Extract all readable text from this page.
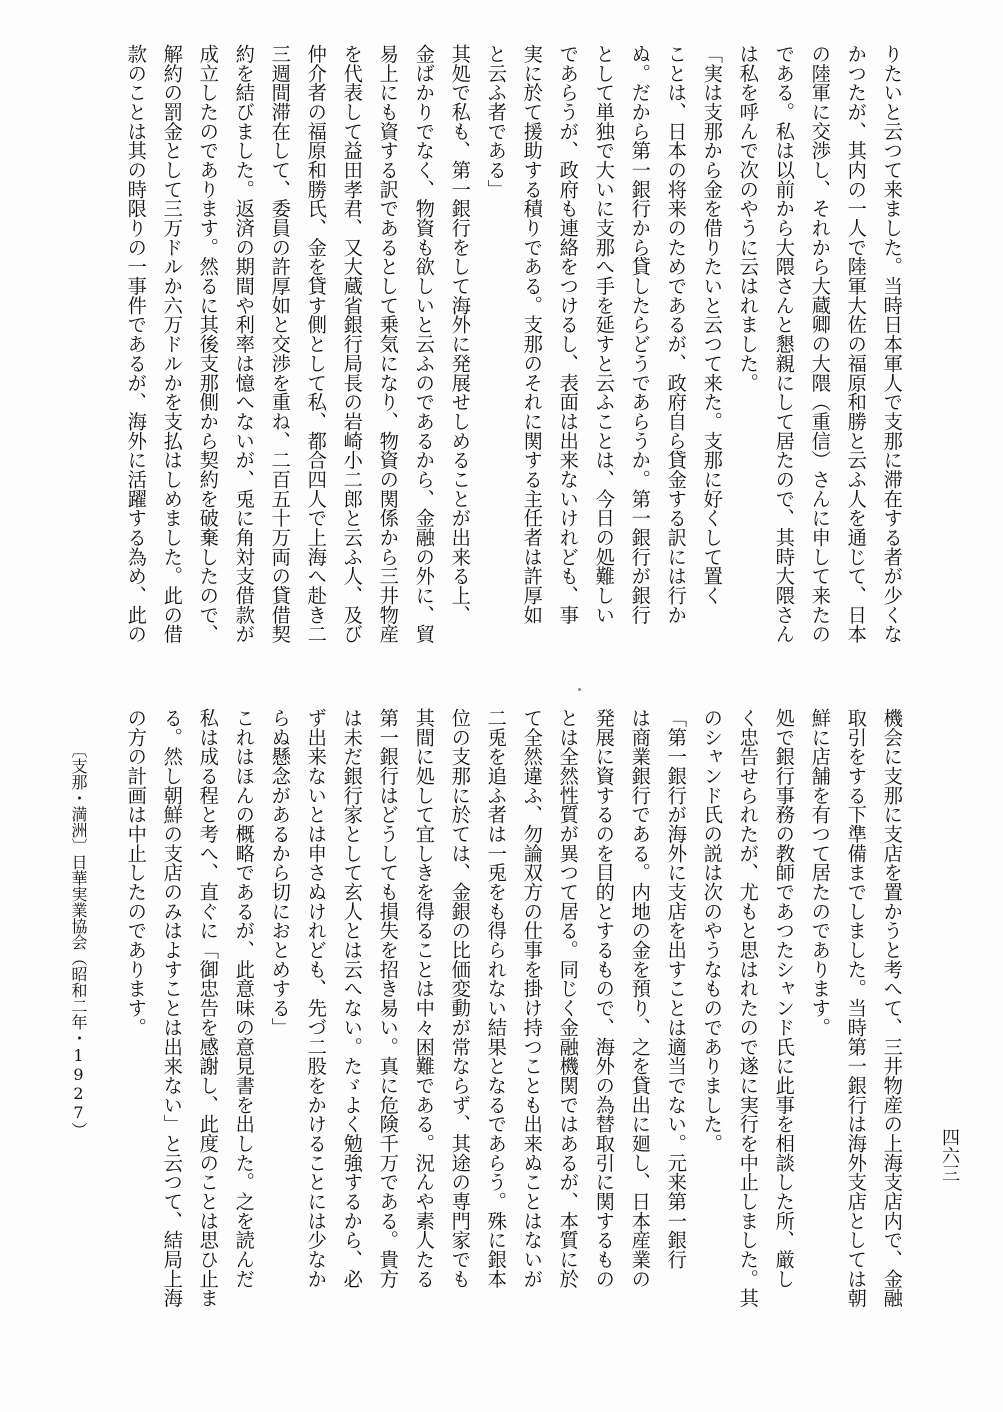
りたいと云つて来ました。当時日本軍人で支那に滞在する者が少くな
かつたが、其内の一人で陸軍大佐の福原和勝と云ふ人を通じて、日本
の陸軍に交渉し、それから大蔵卿の大隈（重信）さんに申して来たの
である。私は以前から大隈さんと懇親にして居たので、其時大隈さん
は私を呼んで次のやうに云はれました。
「実は支那から金を借りたいと云つて来た。支那に好くして置く
ことは、日本の将来のためであるが、政府自ら貸金する訳には行か
ぬ。だから第一銀行から貸したらどうであらうか。第一銀行が銀行
として単独で大いに支那へ手を延すと云ふことは、今日の処難しい
であらうが、政府も連絡をつけるし、表面は出来ないけれども、事
実に於て援助する積りである。支那のそれに関する主任者は許厚如
と云ふ者である」
其処で私も、第一銀行をして海外に発展せしめることが出来る上、
金ばかりでなく、物資も欲しいと云ふのであるから、金融の外に、貿
易上にも資する訳であるとして乗気になり、物資の関係から三井物産
を代表して益田孝君、又大蔵省銀行局長の岩崎小二郎と云ふ人、及び
仲介者の福原和勝氏、金を貸す側として私、都合四人で上海へ赴き二
三週間滞在して、委員の許厚如と交渉を重ね、二百五十万両の貸借契
約を結びました。返済の期間や利率は憶へないが、兎に角対支借款が
成立したのであります。然るに其後支那側から契約を破棄したので、
解約の罰金として三万ドルか六万ドルかを支払はしめました。此の借
款のことは其の時限りの一事件であるが、海外に活躍する為め、此の
〔支那・満洲〕日華実業協会（昭和二年・1927）	機会に支那に支店を置かうと考へて、三井物産の上海支店内で、金融
取引をする下準備までしました。当時第一銀行は海外支店としては朝
鮮に店舗を有つて居たのであります。
処で銀行事務の教師であつたシャンド氏に此事を相談した所、厳し
く忠告せられたが、尤もと思はれたので遂に実行を中止しました。其
のシャンド氏の説は次のやうなものでありました。
「第一銀行が海外に支店を出すことは適当でない。元来第一銀行
は商業銀行である。内地の金を預り、之を貸出に廻し、日本産業の
発展に資するのを目的とするもので、海外の為替取引に関するもの
とは全然性質が異つて居る。同じく金融機関ではあるが、本質に於
て全然違ふ、勿論双方の仕事を掛け持つことも出来ぬことはないが
二兎を追ふ者は一兎をも得られない結果となるであらう。殊に銀本
位の支那に於ては、金銀の比価変動が常ならず、其途の専門家でも
其間に処して宜しきを得ることは中々困難である。況んや素人たる
第一銀行はどうしても損失を招き易い。真に危険千万である。貴方
は未だ銀行家として玄人とは云へない。たゞよく勉強するから、必
ず出来ないとは申さぬけれども、先づ二股をかけることには少なか
らぬ懸念があるから切におとめする」
これはほんの概略であるが、此意味の意見書を出した。之を読んだ
私は成る程と考へ、直ぐに「御忠告を感謝し、此度のことは思ひ止ま
る。然し朝鮮の支店のみはよすことは出来ない」と云つて、結局上海
の方の計画は中止したのであります。
四六三
